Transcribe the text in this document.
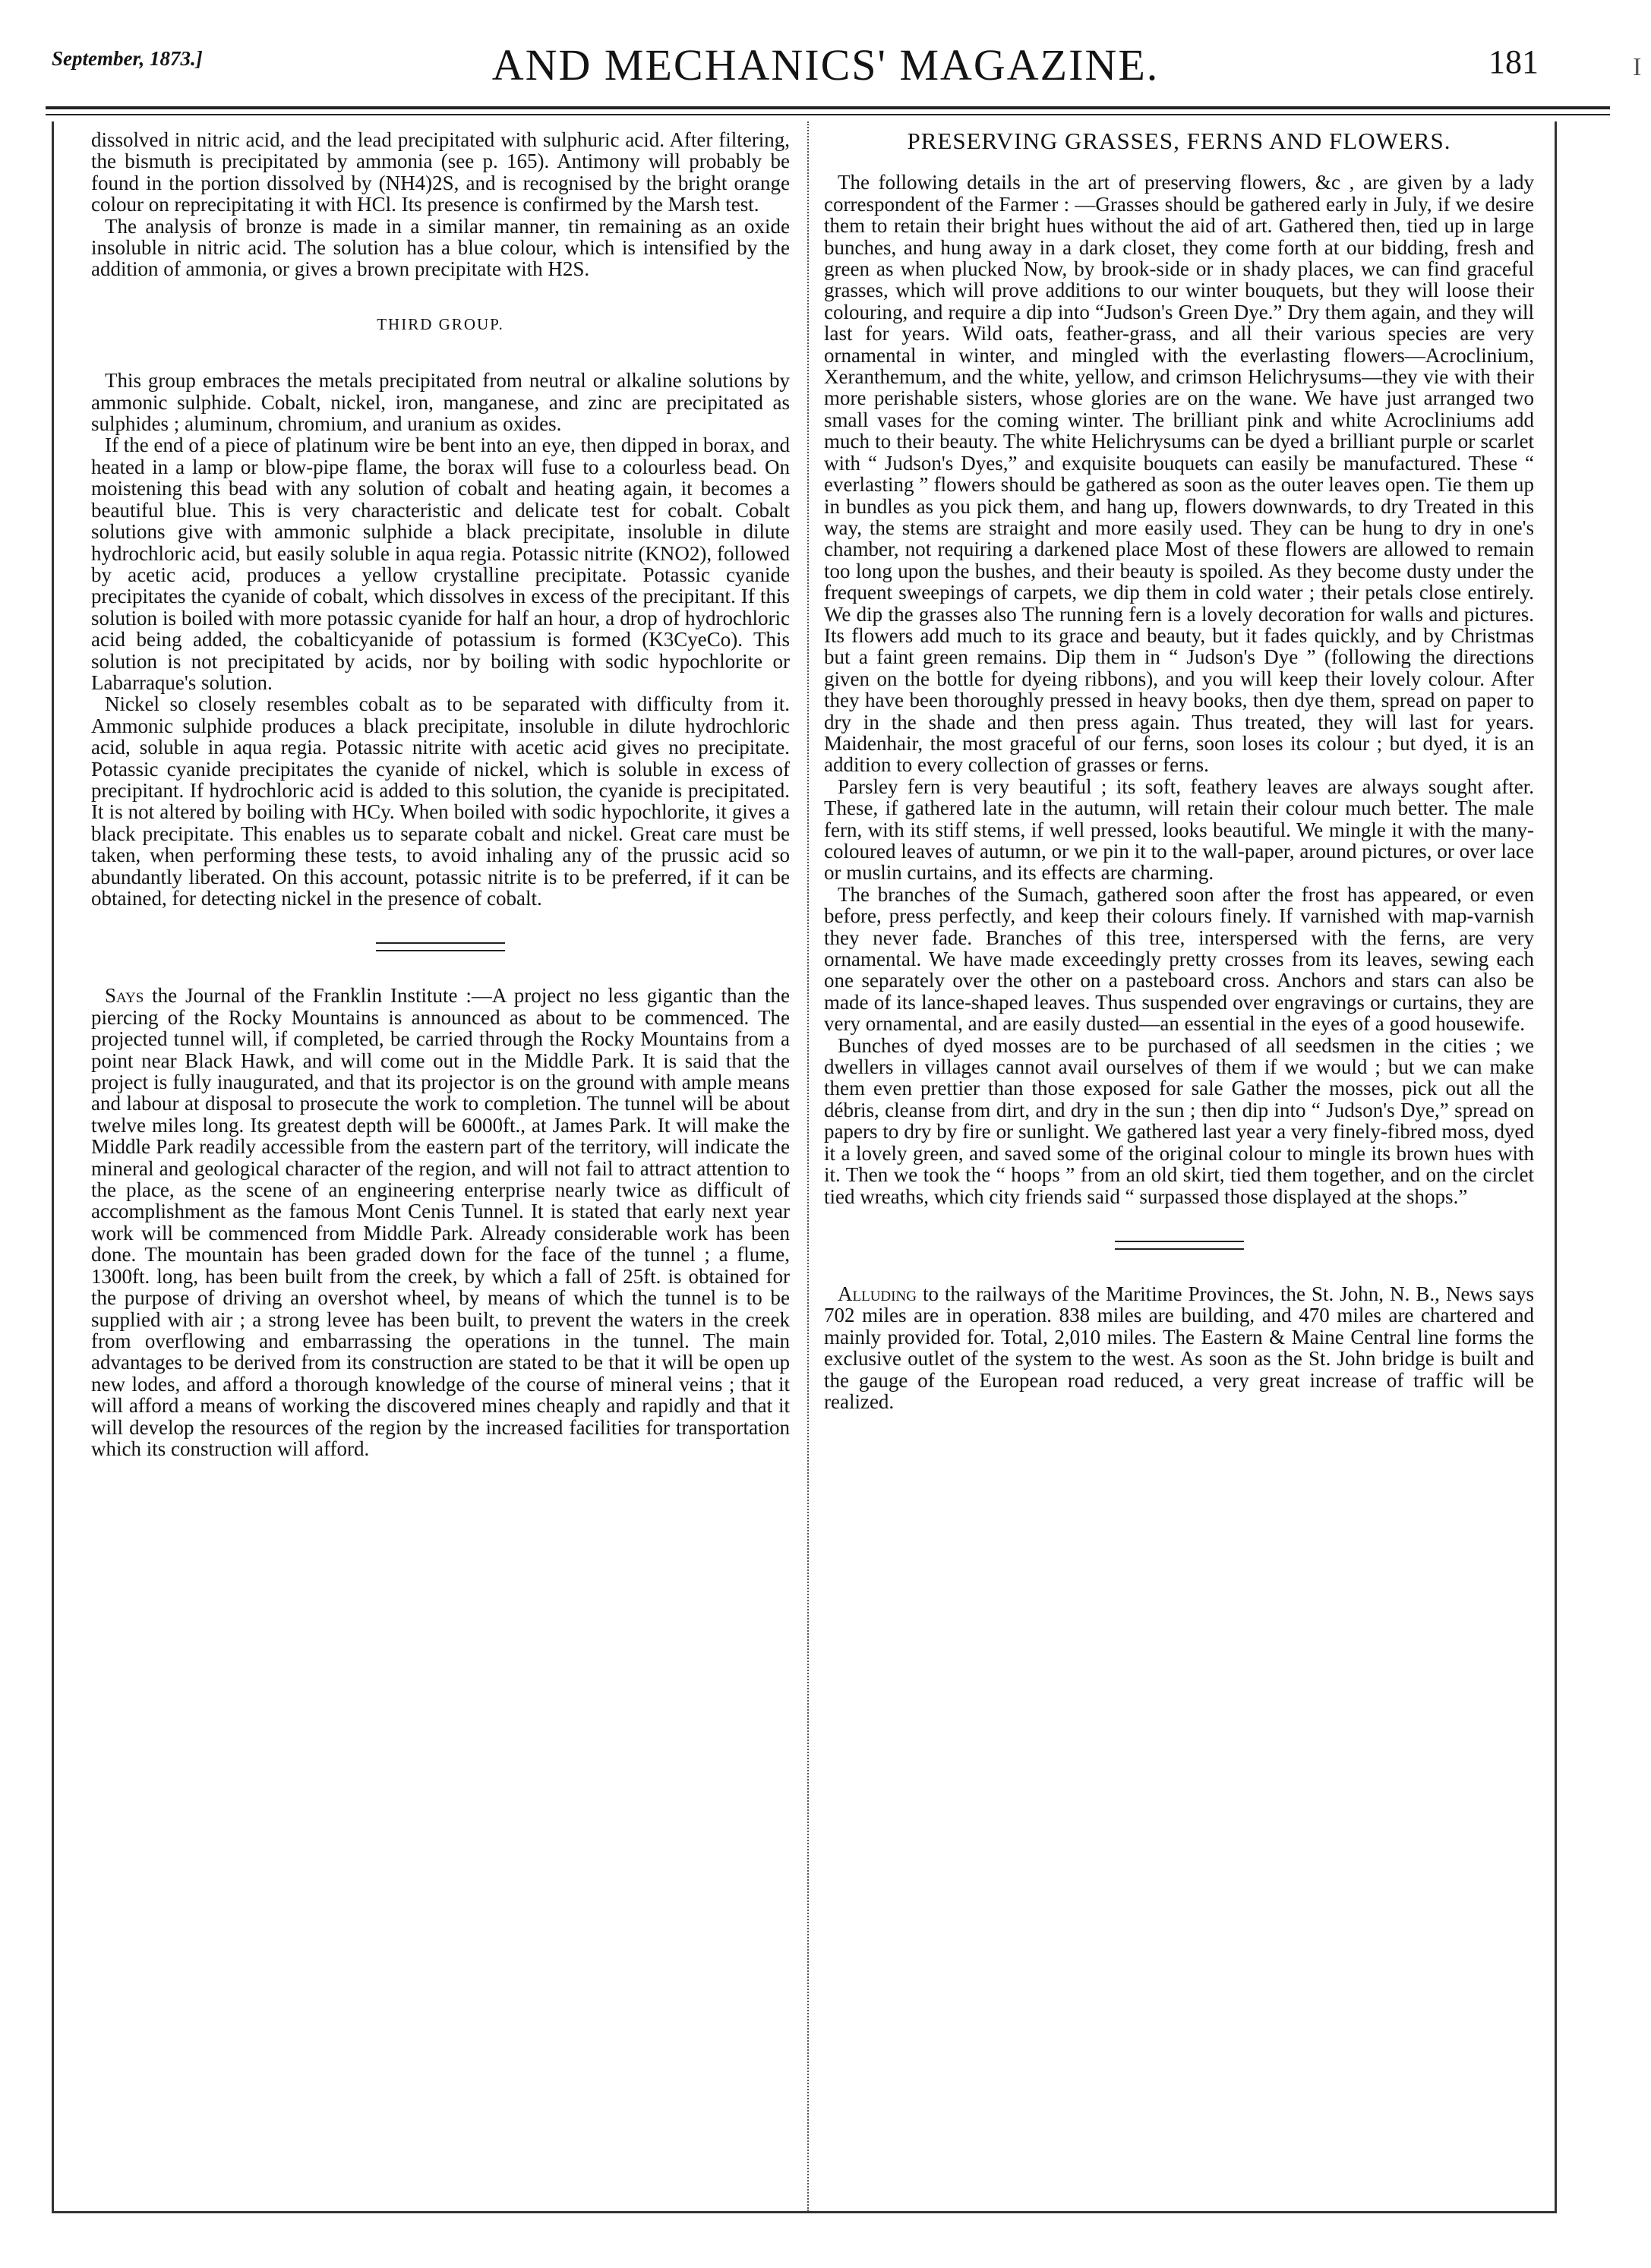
September, 1873.]	AND MECHANICS' MAGAZINE.	181	I

dissolved in nitric acid, and the lead precipitated with sulphuric acid. After filtering, the bismuth is precipitated by ammonia (see p. 165). Antimony will probably be found in the portion dissolved by (NH4)2S, and is recognised by the bright orange colour on reprecipitating it with HCl. Its presence is confirmed by the Marsh test.

The analysis of bronze is made in a similar manner, tin remaining as an oxide insoluble in nitric acid. The solution has a blue colour, which is intensified by the addition of ammonia, or gives a brown precipitate with H2S.

THIRD GROUP.

This group embraces the metals precipitated from neutral or alkaline solutions by ammonic sulphide. Cobalt, nickel, iron, manganese, and zinc are precipitated as sulphides ; aluminum, chromium, and uranium as oxides.

If the end of a piece of platinum wire be bent into an eye, then dipped in borax, and heated in a lamp or blow-pipe flame, the borax will fuse to a colourless bead. On moistening this bead with any solution of cobalt and heating again, it becomes a beautiful blue. This is very characteristic and delicate test for cobalt. Cobalt solutions give with ammonic sulphide a black precipitate, insoluble in dilute hydrochloric acid, but easily soluble in aqua regia. Potassic nitrite (KNO2), followed by acetic acid, produces a yellow crystalline precipitate. Potassic cyanide precipitates the cyanide of cobalt, which dissolves in excess of the precipitant. If this solution is boiled with more potassic cyanide for half an hour, a drop of hydrochloric acid being added, the cobalticyanide of potassium is formed (K3CyeCo). This solution is not precipitated by acids, nor by boiling with sodic hypochlorite or Labarraque's solution.

Nickel so closely resembles cobalt as to be separated with difficulty from it. Ammonic sulphide produces a black precipitate, insoluble in dilute hydrochloric acid, soluble in aqua regia. Potassic nitrite with acetic acid gives no precipitate. Potassic cyanide precipitates the cyanide of nickel, which is soluble in excess of precipitant. If hydrochloric acid is added to this solution, the cyanide is precipitated. It is not altered by boiling with HCy. When boiled with sodic hypochlorite, it gives a black precipitate. This enables us to separate cobalt and nickel. Great care must be taken, when performing these tests, to avoid inhaling any of the prussic acid so abundantly liberated. On this account, potassic nitrite is to be preferred, if it can be obtained, for detecting nickel in the presence of cobalt.

Says the Journal of the Franklin Institute :—A project no less gigantic than the piercing of the Rocky Mountains is announced as about to be commenced. The projected tunnel will, if completed, be carried through the Rocky Mountains from a point near Black Hawk, and will come out in the Middle Park. It is said that the project is fully inaugurated, and that its projector is on the ground with ample means and labour at disposal to prosecute the work to completion. The tunnel will be about twelve miles long. Its greatest depth will be 6000ft., at James Park. It will make the Middle Park readily accessible from the eastern part of the territory, will indicate the mineral and geological character of the region, and will not fail to attract attention to the place, as the scene of an engineering enterprise nearly twice as difficult of accomplishment as the famous Mont Cenis Tunnel. It is stated that early next year work will be commenced from Middle Park. Already considerable work has been done. The mountain has been graded down for the face of the tunnel ; a flume, 1300ft. long, has been built from the creek, by which a fall of 25ft. is obtained for the purpose of driving an overshot wheel, by means of which the tunnel is to be supplied with air ; a strong levee has been built, to prevent the waters in the creek from overflowing and embarrassing the operations in the tunnel. The main advantages to be derived from its construction are stated to be that it will be open up new lodes, and afford a thorough knowledge of the course of mineral veins ; that it will afford a means of working the discovered mines cheaply and rapidly and that it will develop the resources of the region by the increased facilities for transportation which its construction will afford.

PRESERVING GRASSES, FERNS AND FLOWERS.

The following details in the art of preserving flowers, &c , are given by a lady correspondent of the Farmer : —Grasses should be gathered early in July, if we desire them to retain their bright hues without the aid of art. Gathered then, tied up in large bunches, and hung away in a dark closet, they come forth at our bidding, fresh and green as when plucked Now, by brook-side or in shady places, we can find graceful grasses, which will prove additions to our winter bouquets, but they will loose their colouring, and require a dip into “Judson's Green Dye.” Dry them again, and they will last for years. Wild oats, feather-grass, and all their various species are very ornamental in winter, and mingled with the everlasting flowers—Acroclinium, Xeranthemum, and the white, yellow, and crimson Helichrysums—they vie with their more perishable sisters, whose glories are on the wane. We have just arranged two small vases for the coming winter. The brilliant pink and white Acrocliniums add much to their beauty. The white Helichrysums can be dyed a brilliant purple or scarlet with “ Judson's Dyes,” and exquisite bouquets can easily be manufactured. These “ everlasting ” flowers should be gathered as soon as the outer leaves open. Tie them up in bundles as you pick them, and hang up, flowers downwards, to dry Treated in this way, the stems are straight and more easily used. They can be hung to dry in one's chamber, not requiring a darkened place Most of these flowers are allowed to remain too long upon the bushes, and their beauty is spoiled. As they become dusty under the frequent sweepings of carpets, we dip them in cold water ; their petals close entirely. We dip the grasses also The running fern is a lovely decoration for walls and pictures. Its flowers add much to its grace and beauty, but it fades quickly, and by Christmas but a faint green remains. Dip them in “ Judson's Dye ” (following the directions given on the bottle for dyeing ribbons), and you will keep their lovely colour. After they have been thoroughly pressed in heavy books, then dye them, spread on paper to dry in the shade and then press again. Thus treated, they will last for years. Maidenhair, the most graceful of our ferns, soon loses its colour ; but dyed, it is an addition to every collection of grasses or ferns.

Parsley fern is very beautiful ; its soft, feathery leaves are always sought after. These, if gathered late in the autumn, will retain their colour much better. The male fern, with its stiff stems, if well pressed, looks beautiful. We mingle it with the many-coloured leaves of autumn, or we pin it to the wall-paper, around pictures, or over lace or muslin curtains, and its effects are charming.

The branches of the Sumach, gathered soon after the frost has appeared, or even before, press perfectly, and keep their colours finely. If varnished with map-varnish they never fade. Branches of this tree, interspersed with the ferns, are very ornamental. We have made exceedingly pretty crosses from its leaves, sewing each one separately over the other on a pasteboard cross. Anchors and stars can also be made of its lance-shaped leaves. Thus suspended over engravings or curtains, they are very ornamental, and are easily dusted—an essential in the eyes of a good housewife.

Bunches of dyed mosses are to be purchased of all seedsmen in the cities ; we dwellers in villages cannot avail ourselves of them if we would ; but we can make them even prettier than those exposed for sale Gather the mosses, pick out all the débris, cleanse from dirt, and dry in the sun ; then dip into “ Judson's Dye,” spread on papers to dry by fire or sunlight. We gathered last year a very finely-fibred moss, dyed it a lovely green, and saved some of the original colour to mingle its brown hues with it. Then we took the “ hoops ” from an old skirt, tied them together, and on the circlet tied wreaths, which city friends said “ surpassed those displayed at the shops.”

Alluding to the railways of the Maritime Provinces, the St. John, N. B., News says 702 miles are in operation. 838 miles are building, and 470 miles are chartered and mainly provided for. Total, 2,010 miles. The Eastern & Maine Central line forms the exclusive outlet of the system to the west. As soon as the St. John bridge is built and the gauge of the European road reduced, a very great increase of traffic will be realized.
